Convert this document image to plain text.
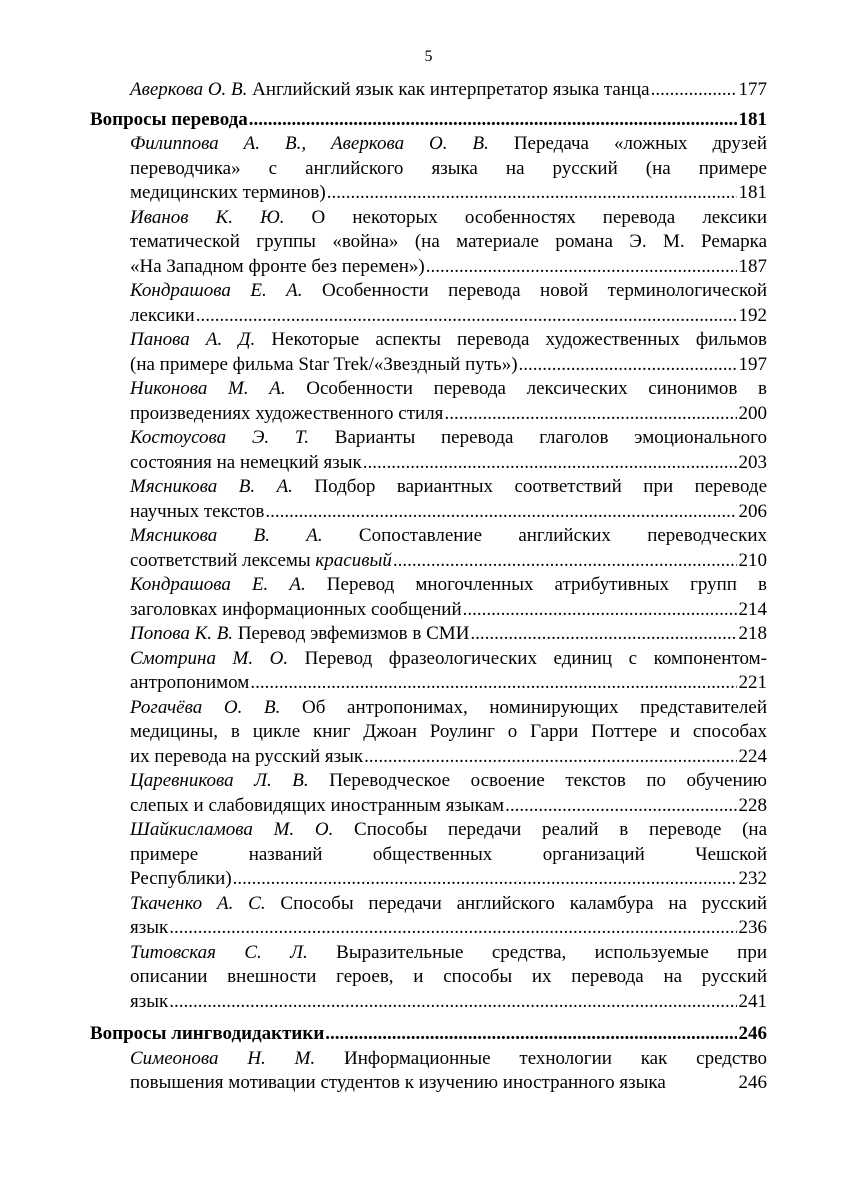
5
Аверкова О. В. Английский язык как интерпретатор языка танца .....	177
Вопросы перевода .....	181
Филиппова А. В., Аверкова О. В. Передача «ложных друзей
переводчика» с английского языка на русский (на примере
медицинских терминов) .....	181
Иванов К. Ю. О некоторых особенностях перевода лексики
тематической группы «война» (на материале романа Э. М. Ремарка
«На Западном фронте без перемен») .....	187
Кондрашова Е. А. Особенности перевода новой терминологической
лексики .....	192
Панова А. Д. Некоторые аспекты перевода художественных фильмов
(на примере фильма Star Trek/«Звездный путь») .....	197
Никонова М. А. Особенности перевода лексических синонимов в
произведениях художественного стиля .....	200
Костоусова Э. Т. Варианты перевода глаголов эмоционального
состояния на немецкий язык .....	203
Мясникова В. А. Подбор вариантных соответствий при переводе
научных текстов .....	206
Мясникова В. А. Сопоставление английских переводческих
соответствий лексемы красивый .....	210
Кондрашова Е. А. Перевод многочленных атрибутивных групп в
заголовках информационных сообщений .....	214
Попова К. В. Перевод эвфемизмов в СМИ .....	218
Смотрина М. О. Перевод фразеологических единиц с компонентом-
антропонимом .....	221
Рогачёва О. В. Об антропонимах, номинирующих представителей
медицины, в цикле книг Джоан Роулинг о Гарри Поттере и способах
их перевода на русский язык .....	224
Царевникова Л. В. Переводческое освоение текстов по обучению
слепых и слабовидящих иностранным языкам .....	228
Шайкисламова М. О. Способы передачи реалий в переводе (на
примере названий общественных организаций Чешской
Республики) .....	232
Ткаченко А. С. Способы передачи английского каламбура на русский
язык .....	236
Титовская С. Л. Выразительные средства, используемые при
описании внешности героев, и способы их перевода на русский
язык .....	241
Вопросы лингводидактики .....	246
Симеонова Н. М. Информационные технологии как средство
повышения мотивации студентов к изучению иностранного языка	246
